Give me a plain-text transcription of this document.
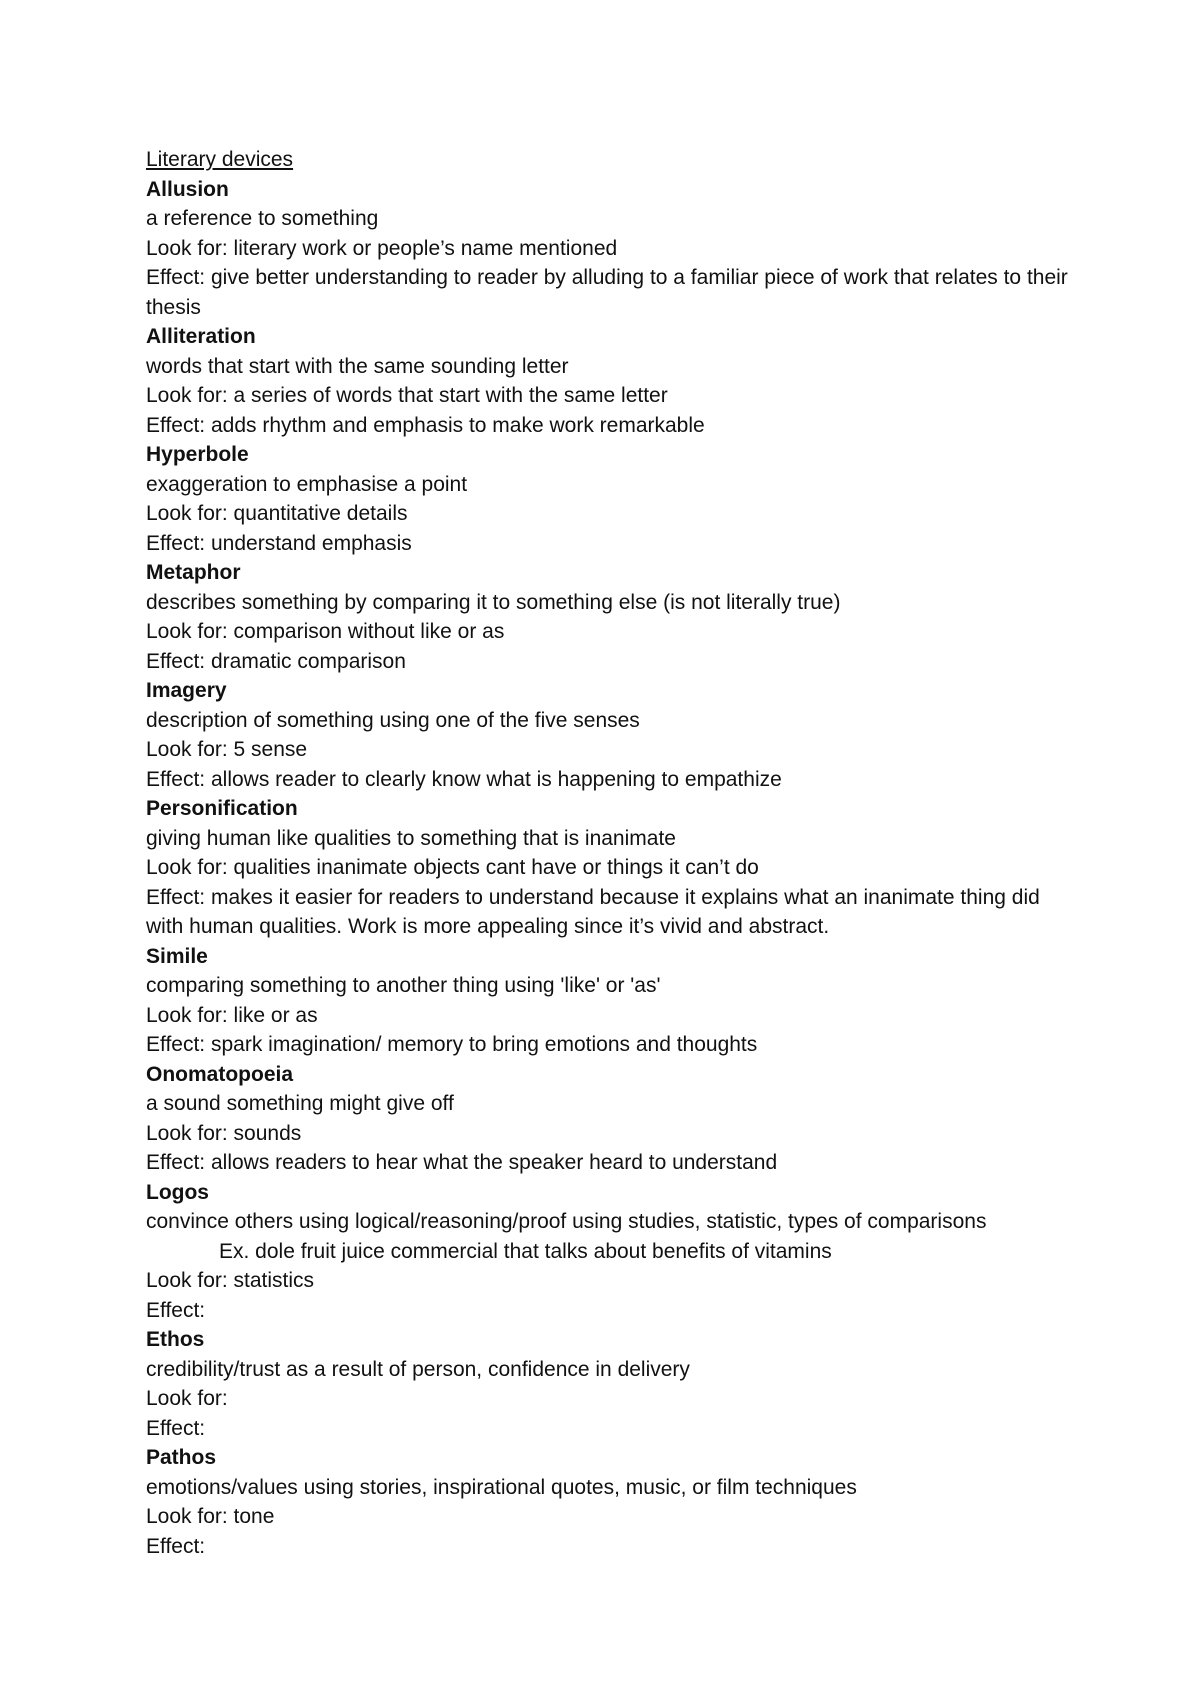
Literary devices

Allusion

a reference to something

Look for: literary work or people’s name mentioned

Effect: give better understanding to reader by alluding to a familiar piece of work that relates to their thesis

Alliteration

words that start with the same sounding letter

Look for: a series of words that start with the same letter

Effect: adds rhythm and emphasis to make work remarkable

Hyperbole

exaggeration to emphasise a point

Look for: quantitative details

Effect: understand emphasis

Metaphor

describes something by comparing it to something else (is not literally true)

Look for: comparison without like or as

Effect: dramatic comparison

Imagery

description of something using one of the five senses

Look for: 5 sense

Effect: allows reader to clearly know what is happening to empathize

Personification

giving human like qualities to something that is inanimate

Look for: qualities inanimate objects cant have or things it can’t do

Effect: makes it easier for readers to understand because it explains what an inanimate thing did with human qualities. Work is more appealing since it’s vivid and abstract.

Simile

comparing something to another thing using 'like' or 'as'

Look for: like or as

Effect: spark imagination/ memory to bring emotions and thoughts

Onomatopoeia

a sound something might give off

Look for: sounds

Effect: allows readers to hear what the speaker heard to understand

Logos

convince others using logical/reasoning/proof using studies, statistic, types of comparisons

Ex. dole fruit juice commercial that talks about benefits of vitamins

Look for: statistics

Effect:

Ethos

credibility/trust as a result of person, confidence in delivery

Look for:

Effect:

Pathos

emotions/values using stories, inspirational quotes, music, or film techniques

Look for: tone

Effect:
